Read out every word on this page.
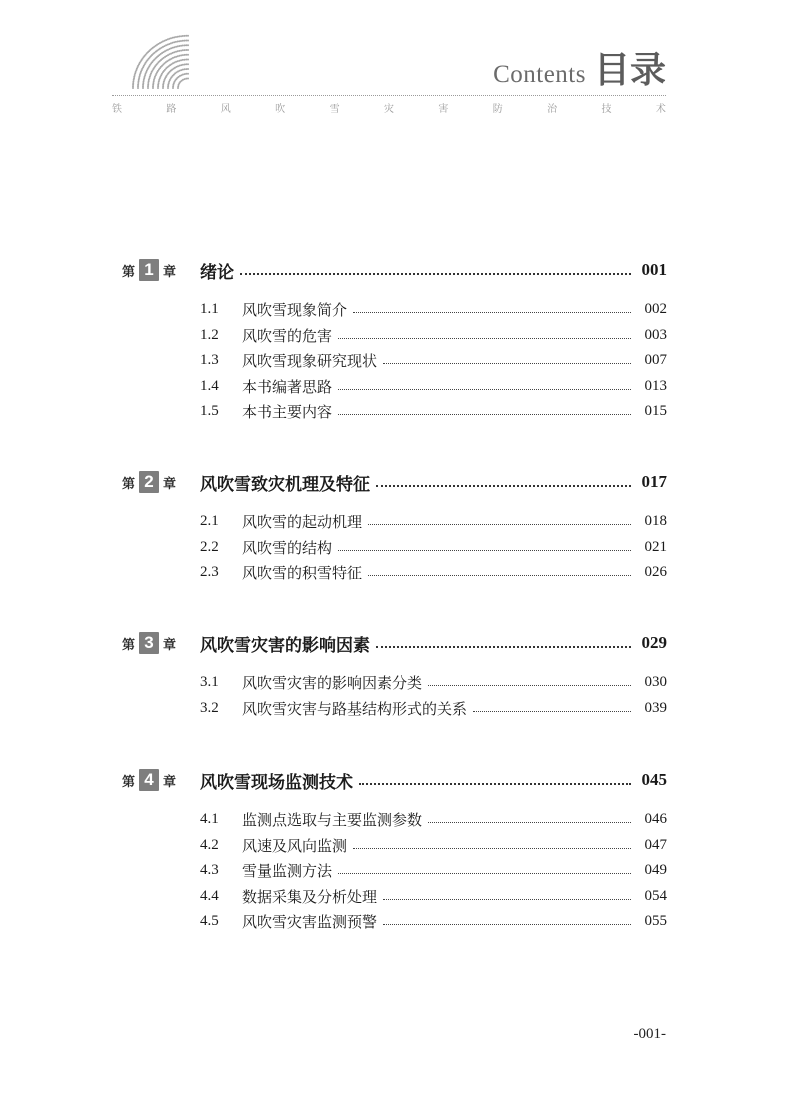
Contents 目录
铁	路	风	吹	雪	灾	害	防	治	技	术
第 1 章 绪论	001
1.1	风吹雪现象简介	002
1.2	风吹雪的危害	003
1.3	风吹雪现象研究现状	007
1.4	本书编著思路	013
1.5	本书主要内容	015
第 2 章 风吹雪致灾机理及特征	017
2.1	风吹雪的起动机理	018
2.2	风吹雪的结构	021
2.3	风吹雪的积雪特征	026
第 3 章 风吹雪灾害的影响因素	029
3.1	风吹雪灾害的影响因素分类	030
3.2	风吹雪灾害与路基结构形式的关系	039
第 4 章 风吹雪现场监测技术	045
4.1	监测点选取与主要监测参数	046
4.2	风速及风向监测	047
4.3	雪量监测方法	049
4.4	数据采集及分析处理	054
4.5	风吹雪灾害监测预警	055
-001-
